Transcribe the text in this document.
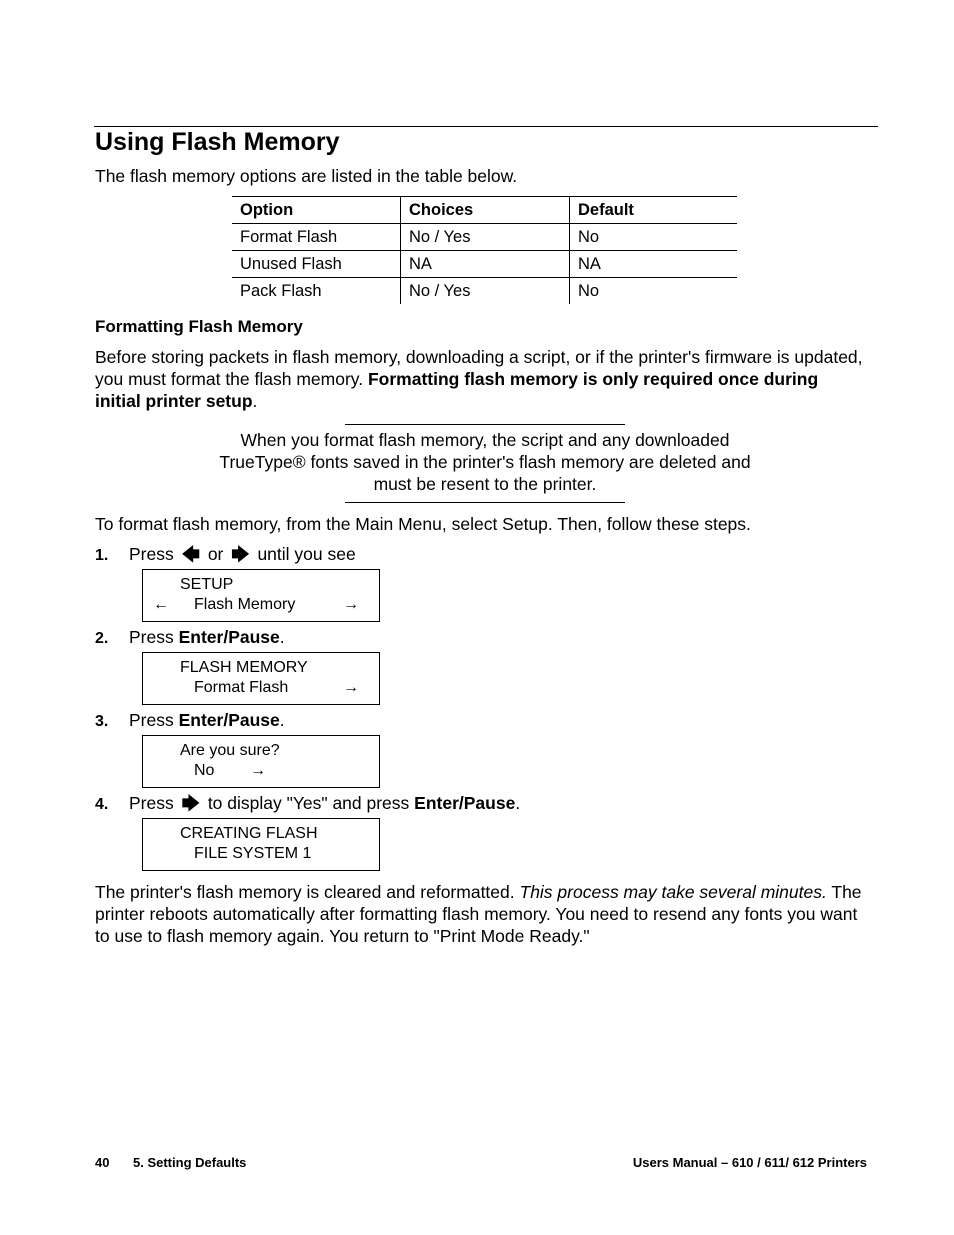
Using Flash Memory
The flash memory options are listed in the table below.
Option	Choices	Default
Format Flash	No / Yes	No
Unused Flash	NA	NA
Pack Flash	No / Yes	No
Formatting Flash Memory
Before storing packets in flash memory, downloading a script, or if the printer's firmware is updated, you must format the flash memory. Formatting flash memory is only required once during initial printer setup.
When you format flash memory, the script and any downloaded
TrueType® fonts saved in the printer's flash memory are deleted and
must be resent to the printer.
To format flash memory, from the Main Menu, select Setup. Then, follow these steps.
1. Press 🡄 or 🡆 until you see
SETUP
← Flash Memory	→
2. Press Enter/Pause.
FLASH MEMORY
Format Flash	→
3. Press Enter/Pause.
Are you sure?
No →
4. Press 🡆 to display "Yes" and press Enter/Pause.
CREATING FLASH
FILE SYSTEM 1
The printer's flash memory is cleared and reformatted. This process may take several minutes. The printer reboots automatically after formatting flash memory. You need to resend any fonts you want to use to flash memory again. You return to "Print Mode Ready."
40 5. Setting Defaults	Users Manual – 610 / 611/ 612 Printers
